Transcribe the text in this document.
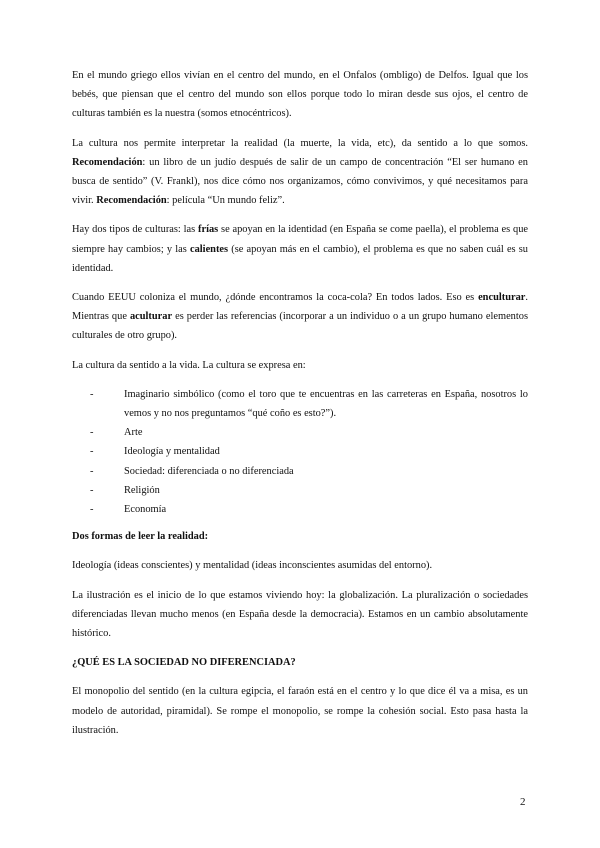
En el mundo griego ellos vivían en el centro del mundo, en el Onfalos (ombligo) de Delfos. Igual que los bebés, que piensan que el centro del mundo son ellos porque todo lo miran desde sus ojos, el centro de culturas también es la nuestra (somos etnocéntricos).

La cultura nos permite interpretar la realidad (la muerte, la vida, etc), da sentido a lo que somos. Recomendación: un libro de un judío después de salir de un campo de concentración “El ser humano en busca de sentido” (V. Frankl), nos dice cómo nos organizamos, cómo convivimos, y qué necesitamos para vivir. Recomendación: película “Un mundo feliz”.

Hay dos tipos de culturas: las frías se apoyan en la identidad (en España se come paella), el problema es que siempre hay cambios; y las calientes (se apoyan más en el cambio), el problema es que no saben cuál es su identidad.

Cuando EEUU coloniza el mundo, ¿dónde encontramos la coca-cola? En todos lados. Eso es enculturar. Mientras que aculturar es perder las referencias (incorporar a un individuo o a un grupo humano elementos culturales de otro grupo).

La cultura da sentido a la vida. La cultura se expresa en:

-	Imaginario simbólico (como el toro que te encuentras en las carreteras en España, nosotros lo vemos y no nos preguntamos “qué coño es esto?”).
-	Arte
-	Ideología y mentalidad
-	Sociedad: diferenciada o no diferenciada
-	Religión
-	Economía
Dos formas de leer la realidad:

Ideología (ideas conscientes) y mentalidad (ideas inconscientes asumidas del entorno).

La ilustración es el inicio de lo que estamos viviendo hoy: la globalización. La pluralización o sociedades diferenciadas llevan mucho menos (en España desde la democracia). Estamos en un cambio absolutamente histórico.

¿QUÉ ES LA SOCIEDAD NO DIFERENCIADA?

El monopolio del sentido (en la cultura egipcia, el faraón está en el centro y lo que dice él va a misa, es un modelo de autoridad, piramidal). Se rompe el monopolio, se rompe la cohesión social. Esto pasa hasta la ilustración.

2
